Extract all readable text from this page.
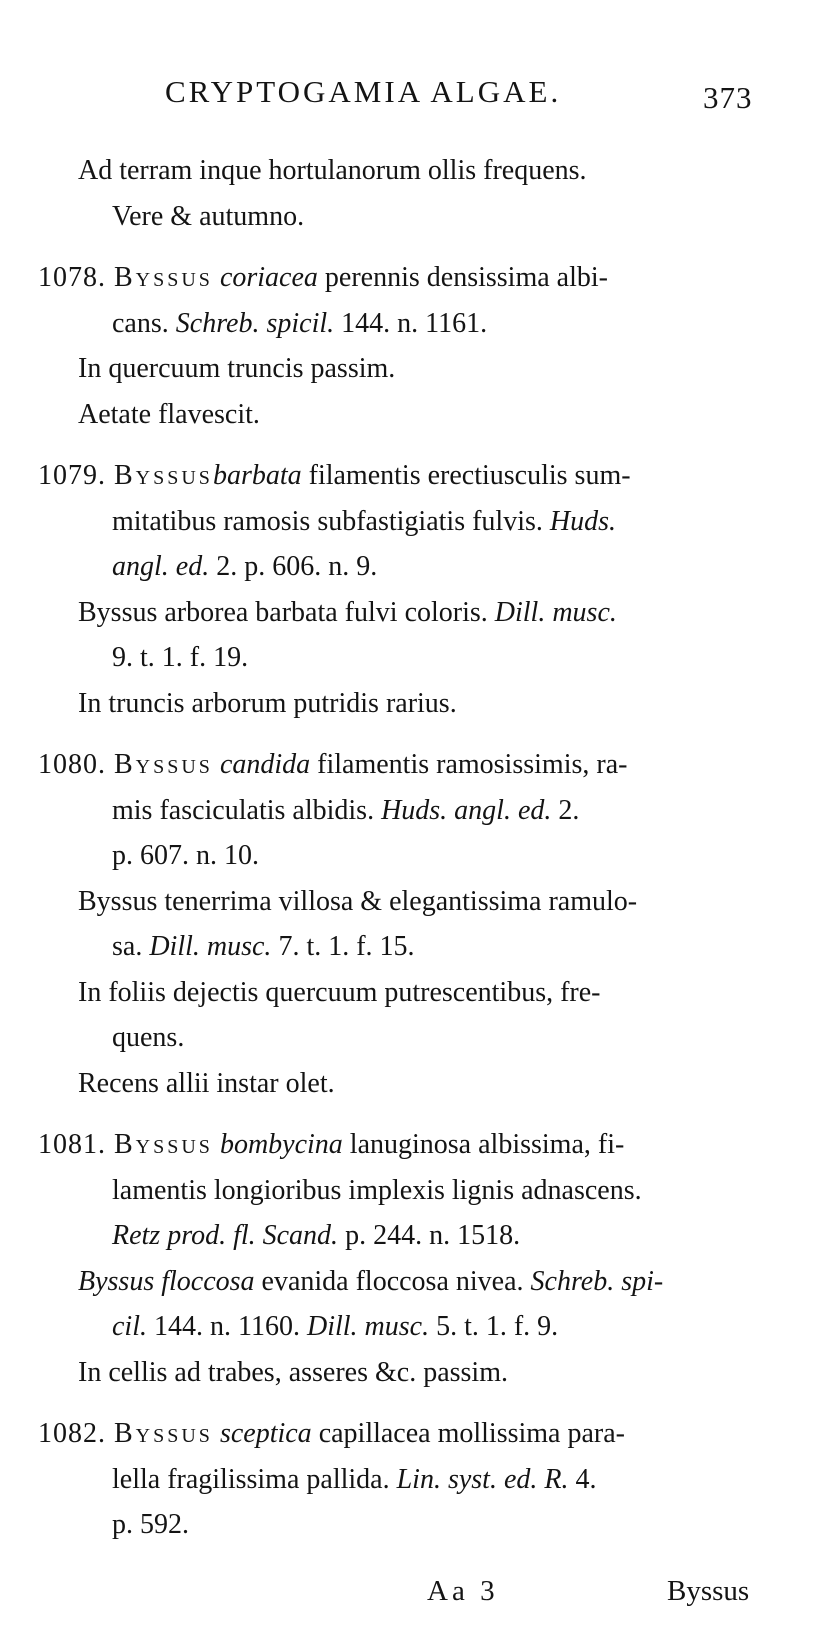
CRYPTOGAMIA ALGAE.	373
Ad terram inque hortulanorum ollis frequens.
Vere & autumno.
1078. Byssus coriacea perennis densissima albi-
cans. Schreb. spicil. 144. n. 1161.
In quercuum truncis passim.
Aetate flavescit.
1079. Byssusbarbata filamentis erectiusculis sum-
mitatibus ramosis subfastigiatis fulvis. Huds.
angl. ed. 2. p. 606. n. 9.
Byssus arborea barbata fulvi coloris. Dill. musc.
9. t. 1. f. 19.
In truncis arborum putridis rarius.
1080. Byssus candida filamentis ramosissimis, ra-
mis fasciculatis albidis. Huds. angl. ed. 2.
p. 607. n. 10.
Byssus tenerrima villosa & elegantissima ramulo-
sa. Dill. musc. 7. t. 1. f. 15.
In foliis dejectis quercuum putrescentibus, fre-
quens.
Recens allii instar olet.
1081. Byssus bombycina lanuginosa albissima, fi-
lamentis longioribus implexis lignis adnascens.
Retz prod. fl. Scand. p. 244. n. 1518.
Byssus floccosa evanida floccosa nivea. Schreb. spi-
cil. 144. n. 1160. Dill. musc. 5. t. 1. f. 9.
In cellis ad trabes, asseres &c. passim.
1082. Byssus sceptica capillacea mollissima para-
lella fragilissima pallida. Lin. syst. ed. R. 4.
p. 592.
Aa 3	Byssus
